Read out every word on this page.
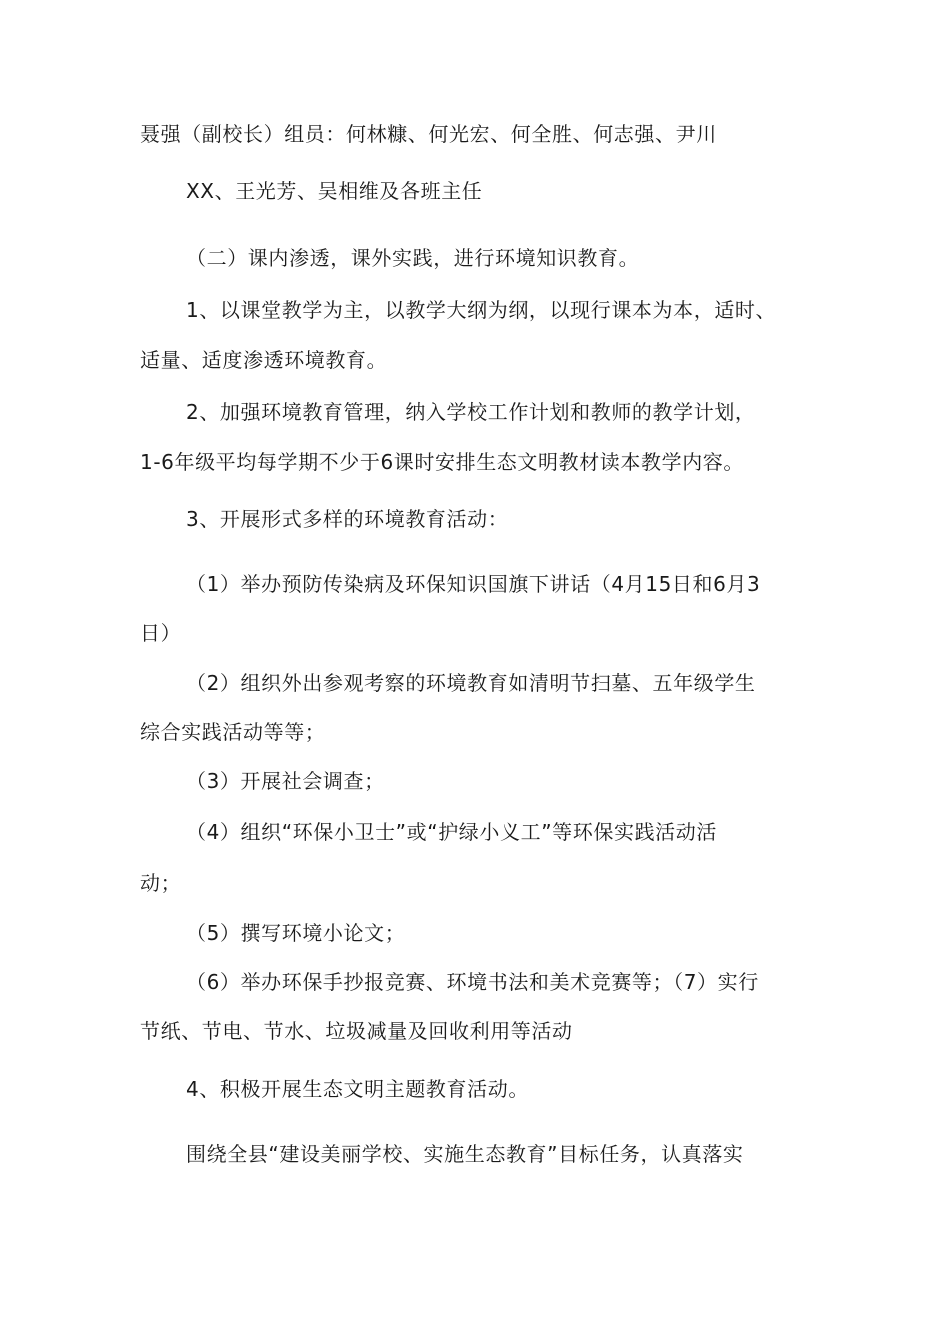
聂强（副校长）组员：何林糠、何光宏、何全胜、何志强、尹川
XX、王光芳、吴相维及各班主任
（二）课内渗透，课外实践，进行环境知识教育。
1、以课堂教学为主，以教学大纲为纲，以现行课本为本，适时、
适量、适度渗透环境教育。
2、加强环境教育管理，纳入学校工作计划和教师的教学计划，
1-6年级平均每学期不少于6课时安排生态文明教材读本教学内容。
3、开展形式多样的环境教育活动：
（1）举办预防传染病及环保知识国旗下讲话（4月15日和6月3
日）
（2）组织外出参观考察的环境教育如清明节扫墓、五年级学生
综合实践活动等等；
（3）开展社会调查；
（4）组织“环保小卫士”或“护绿小义工”等环保实践活动活
动；
（5）撰写环境小论文；
（6）举办环保手抄报竞赛、环境书法和美术竞赛等；（7）实行
节纸、节电、节水、垃圾减量及回收利用等活动
4、积极开展生态文明主题教育活动。
围绕全县“建设美丽学校、实施生态教育”目标任务，认真落实
